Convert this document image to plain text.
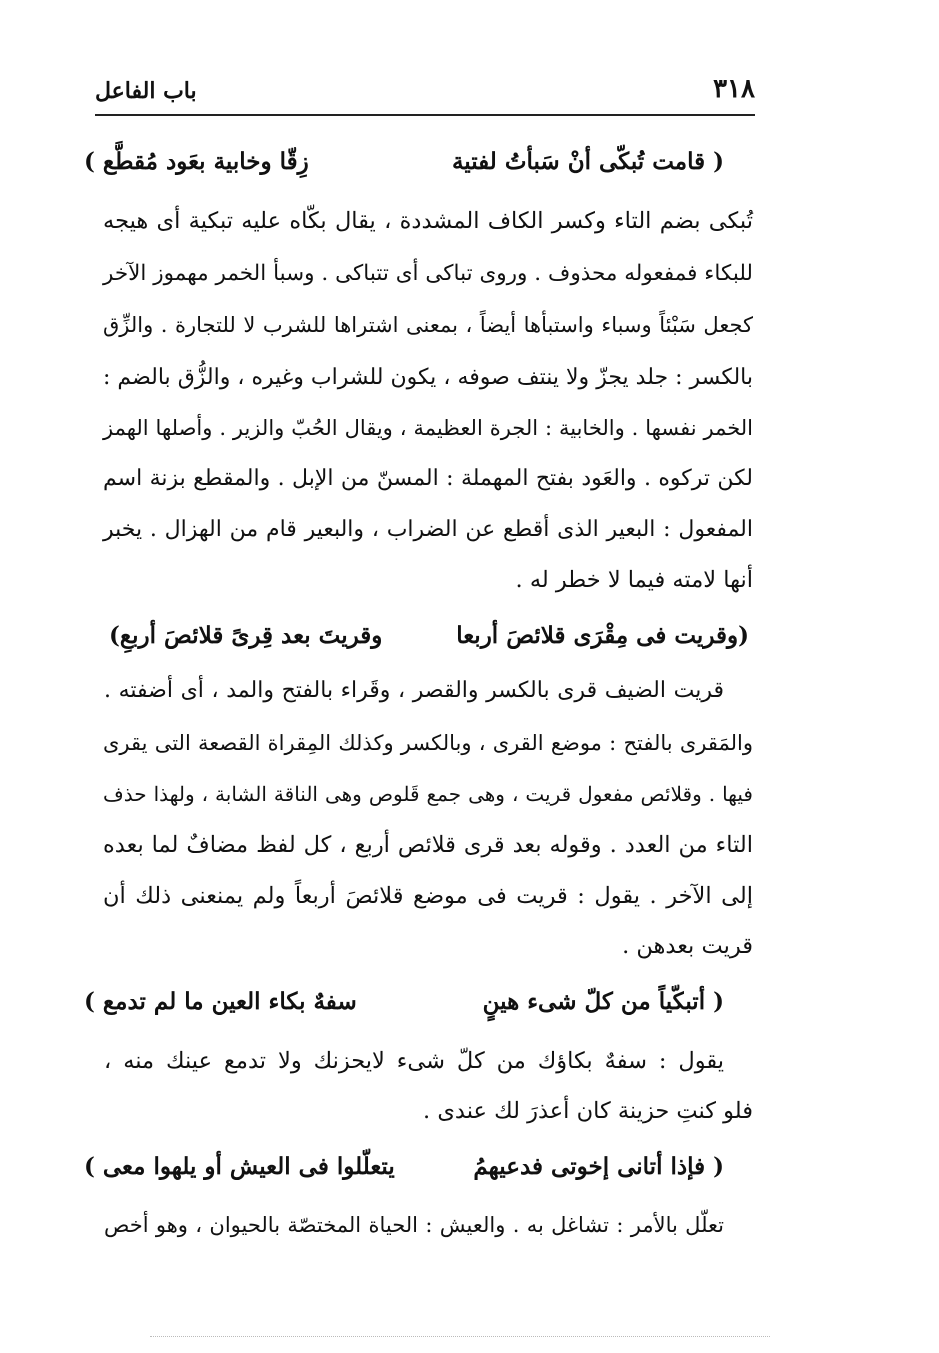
٣١٨
باب الفاعل
( قامت تُبكّى أنْ سَبأتُ لفتية
زِقّا وخابية بعَود مُقطَّع )
تُبكى بضم التاء وكسر الكاف المشددة ، يقال بكّاه عليه تبكية أى هيجه
للبكاء فمفعوله محذوف . وروى تباكى أى تتباكى . وسبأ الخمر مهموز الآخر
كجعل سَبْئاً وسباء واستبأها أيضاً ، بمعنى اشتراها للشرب لا للتجارة . والزِّق
بالكسر : جلد يجزّ ولا ينتف صوفه ، يكون للشراب وغيره ، والزُّق بالضم :
الخمر نفسها . والخابية : الجرة العظيمة ، ويقال الحُبّ والزير . وأصلها الهمز
لكن تركوه . والعَود بفتح المهملة : المسنّ من الإبل . والمقطع بزنة اسم
المفعول : البعير الذى أقطع عن الضراب ، والبعير قام من الهزال . يخبر
أنها لامته فيما لا خطر له .
(وقريت فى مِقْرَى قلائصَ أربعا
وقريتَ بعد قِرىً قلائصَ أربعِ)
قريت الضيف قرى بالكسر والقصر ، وقَراء بالفتح والمد ، أى أضفته .
والمَقرى بالفتح : موضع القرى ، وبالكسر وكذلك المِقراة القصعة التى يقرى
فيها . وقلائص مفعول قريت ، وهى جمع قَلوص وهى الناقة الشابة ، ولهذا حذف
التاء من العدد . وقوله بعد قرى قلائص أربع ، كل لفظ مضافٌ لما بعده
إلى الآخر . يقول : قريت فى موضع قلائصَ أربعاً ولم يمنعنى ذلك أن
قريت بعدهن .
( أتبكّياً من كلّ شىء هينٍ
سفهٌ بكاء العين ما لم تدمع )
يقول : سفهٌ بكاؤك من كلّ شىء لايحزنك ولا تدمع عينك منه ،
فلو كنتِ حزينة كان أعذرَ لك عندى .
( فإذا أتانى إخوتى فدعيهمُ
يتعلّلوا فى العيش أو يلهوا معى )
تعلّل بالأمر : تشاغل به . والعيش : الحياة المختصّة بالحيوان ، وهو أخص
